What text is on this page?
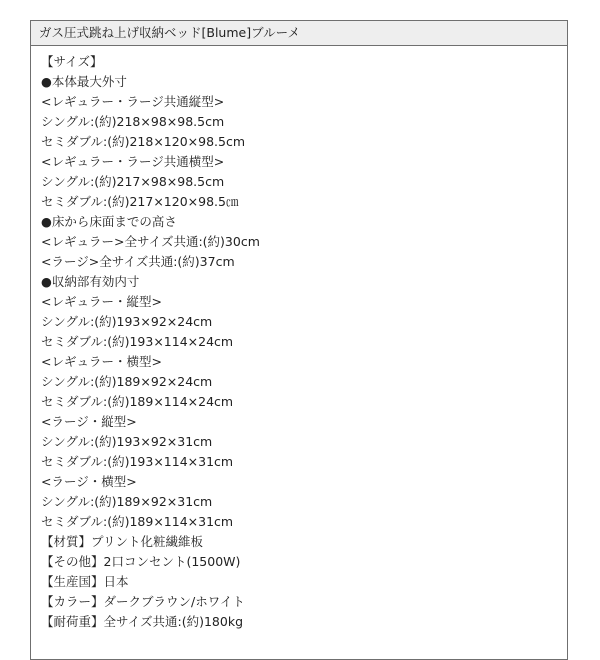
ガス圧式跳ね上げ収納ベッド[Blume]ブルーメ
【サイズ】
●本体最大外寸
<レギュラー・ラージ共通縦型>
シングル:(約)218×98×98.5cm
セミダブル:(約)218×120×98.5cm
<レギュラー・ラージ共通横型>
シングル:(約)217×98×98.5cm
セミダブル:(約)217×120×98.5㎝
●床から床面までの高さ
<レギュラー>全サイズ共通:(約)30cm
<ラージ>全サイズ共通:(約)37cm
●収納部有効内寸
<レギュラー・縦型>
シングル:(約)193×92×24cm
セミダブル:(約)193×114×24cm
<レギュラー・横型>
シングル:(約)189×92×24cm
セミダブル:(約)189×114×24cm
<ラージ・縦型>
シングル:(約)193×92×31cm
セミダブル:(約)193×114×31cm
<ラージ・横型>
シングル:(約)189×92×31cm
セミダブル:(約)189×114×31cm
【材質】プリント化粧繊維板
【その他】2口コンセント(1500W)
【生産国】日本
【カラー】ダークブラウン/ホワイト
【耐荷重】全サイズ共通:(約)180kg
